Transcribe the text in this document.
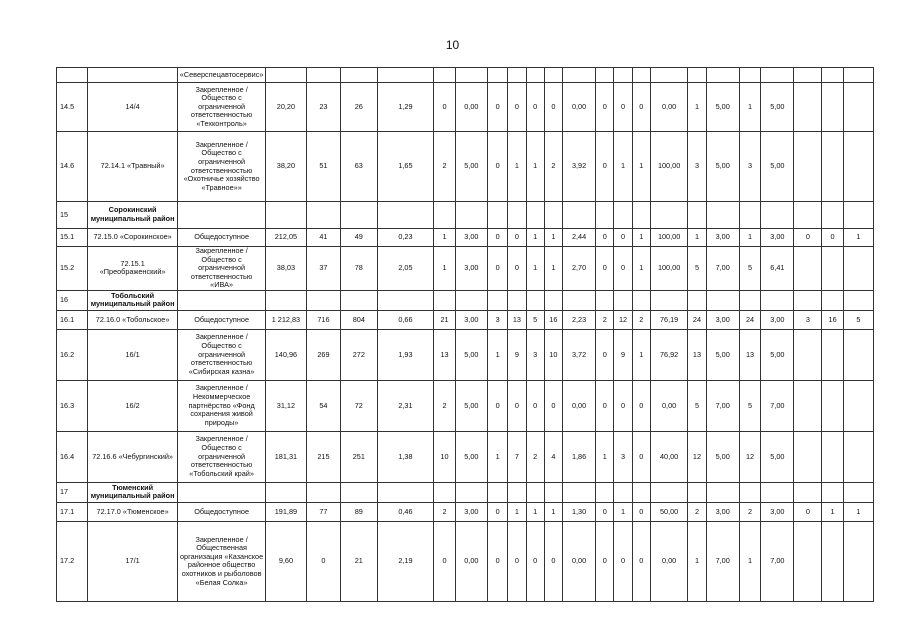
10
		«Северспецавтосервис»																						
14.5	14/4	Закрепленное / Общество с ограниченной ответственностью «Техконтроль»	20,20	23	26	1,29	0	0,00	0	0	0	0	0,00	0	0	0	0,00	1	5,00	1	5,00			
14.6	72.14.1 «Травный»	Закрепленное / Общество с ограниченной ответственностью «Охотничье хозяйство «Травное»»	38,20	51	63	1,65	2	5,00	0	1	1	2	3,92	0	1	1	100,00	3	5,00	3	5,00			
15	Сорокинский муниципальный район																							
15.1	72.15.0 «Сорокинское»	Общедоступное	212,05	41	49	0,23	1	3,00	0	0	1	1	2,44	0	0	1	100,00	1	3,00	1	3,00	0	0	1
15.2	72.15.1 «Преображенский»	Закрепленное / Общество с ограниченной ответственностью «ИВА»	38,03	37	78	2,05	1	3,00	0	0	1	1	2,70	0	0	1	100,00	5	7,00	5	6,41			
16	Тобольский муниципальный район																							
16.1	72.16.0 «Тобольское»	Общедоступное	1 212,83	716	804	0,66	21	3,00	3	13	5	16	2,23	2	12	2	76,19	24	3,00	24	3,00	3	16	5
16.2	16/1	Закрепленное / Общество с ограниченной ответственностью «Сибирская казна»	140,96	269	272	1,93	13	5,00	1	9	3	10	3,72	0	9	1	76,92	13	5,00	13	5,00			
16.3	16/2	Закрепленное / Некоммерческое партнёрство «Фонд сохранения живой природы»	31,12	54	72	2,31	2	5,00	0	0	0	0	0,00	0	0	0	0,00	5	7,00	5	7,00			
16.4	72.16.6 «Чебургинский»	Закрепленное / Общество с ограниченной ответственностью «Тобольский край»	181,31	215	251	1,38	10	5,00	1	7	2	4	1,86	1	3	0	40,00	12	5,00	12	5,00			
17	Тюменский муниципальный район																							
17.1	72.17.0 «Тюменское»	Общедоступное	191,89	77	89	0,46	2	3,00	0	1	1	1	1,30	0	1	0	50,00	2	3,00	2	3,00	0	1	1
17.2	17/1	Закрепленное / Общественная организация «Казанское районное общество охотников и рыболовов «Белая Солка»	9,60	0	21	2,19	0	0,00	0	0	0	0	0,00	0	0	0	0,00	1	7,00	1	7,00			
